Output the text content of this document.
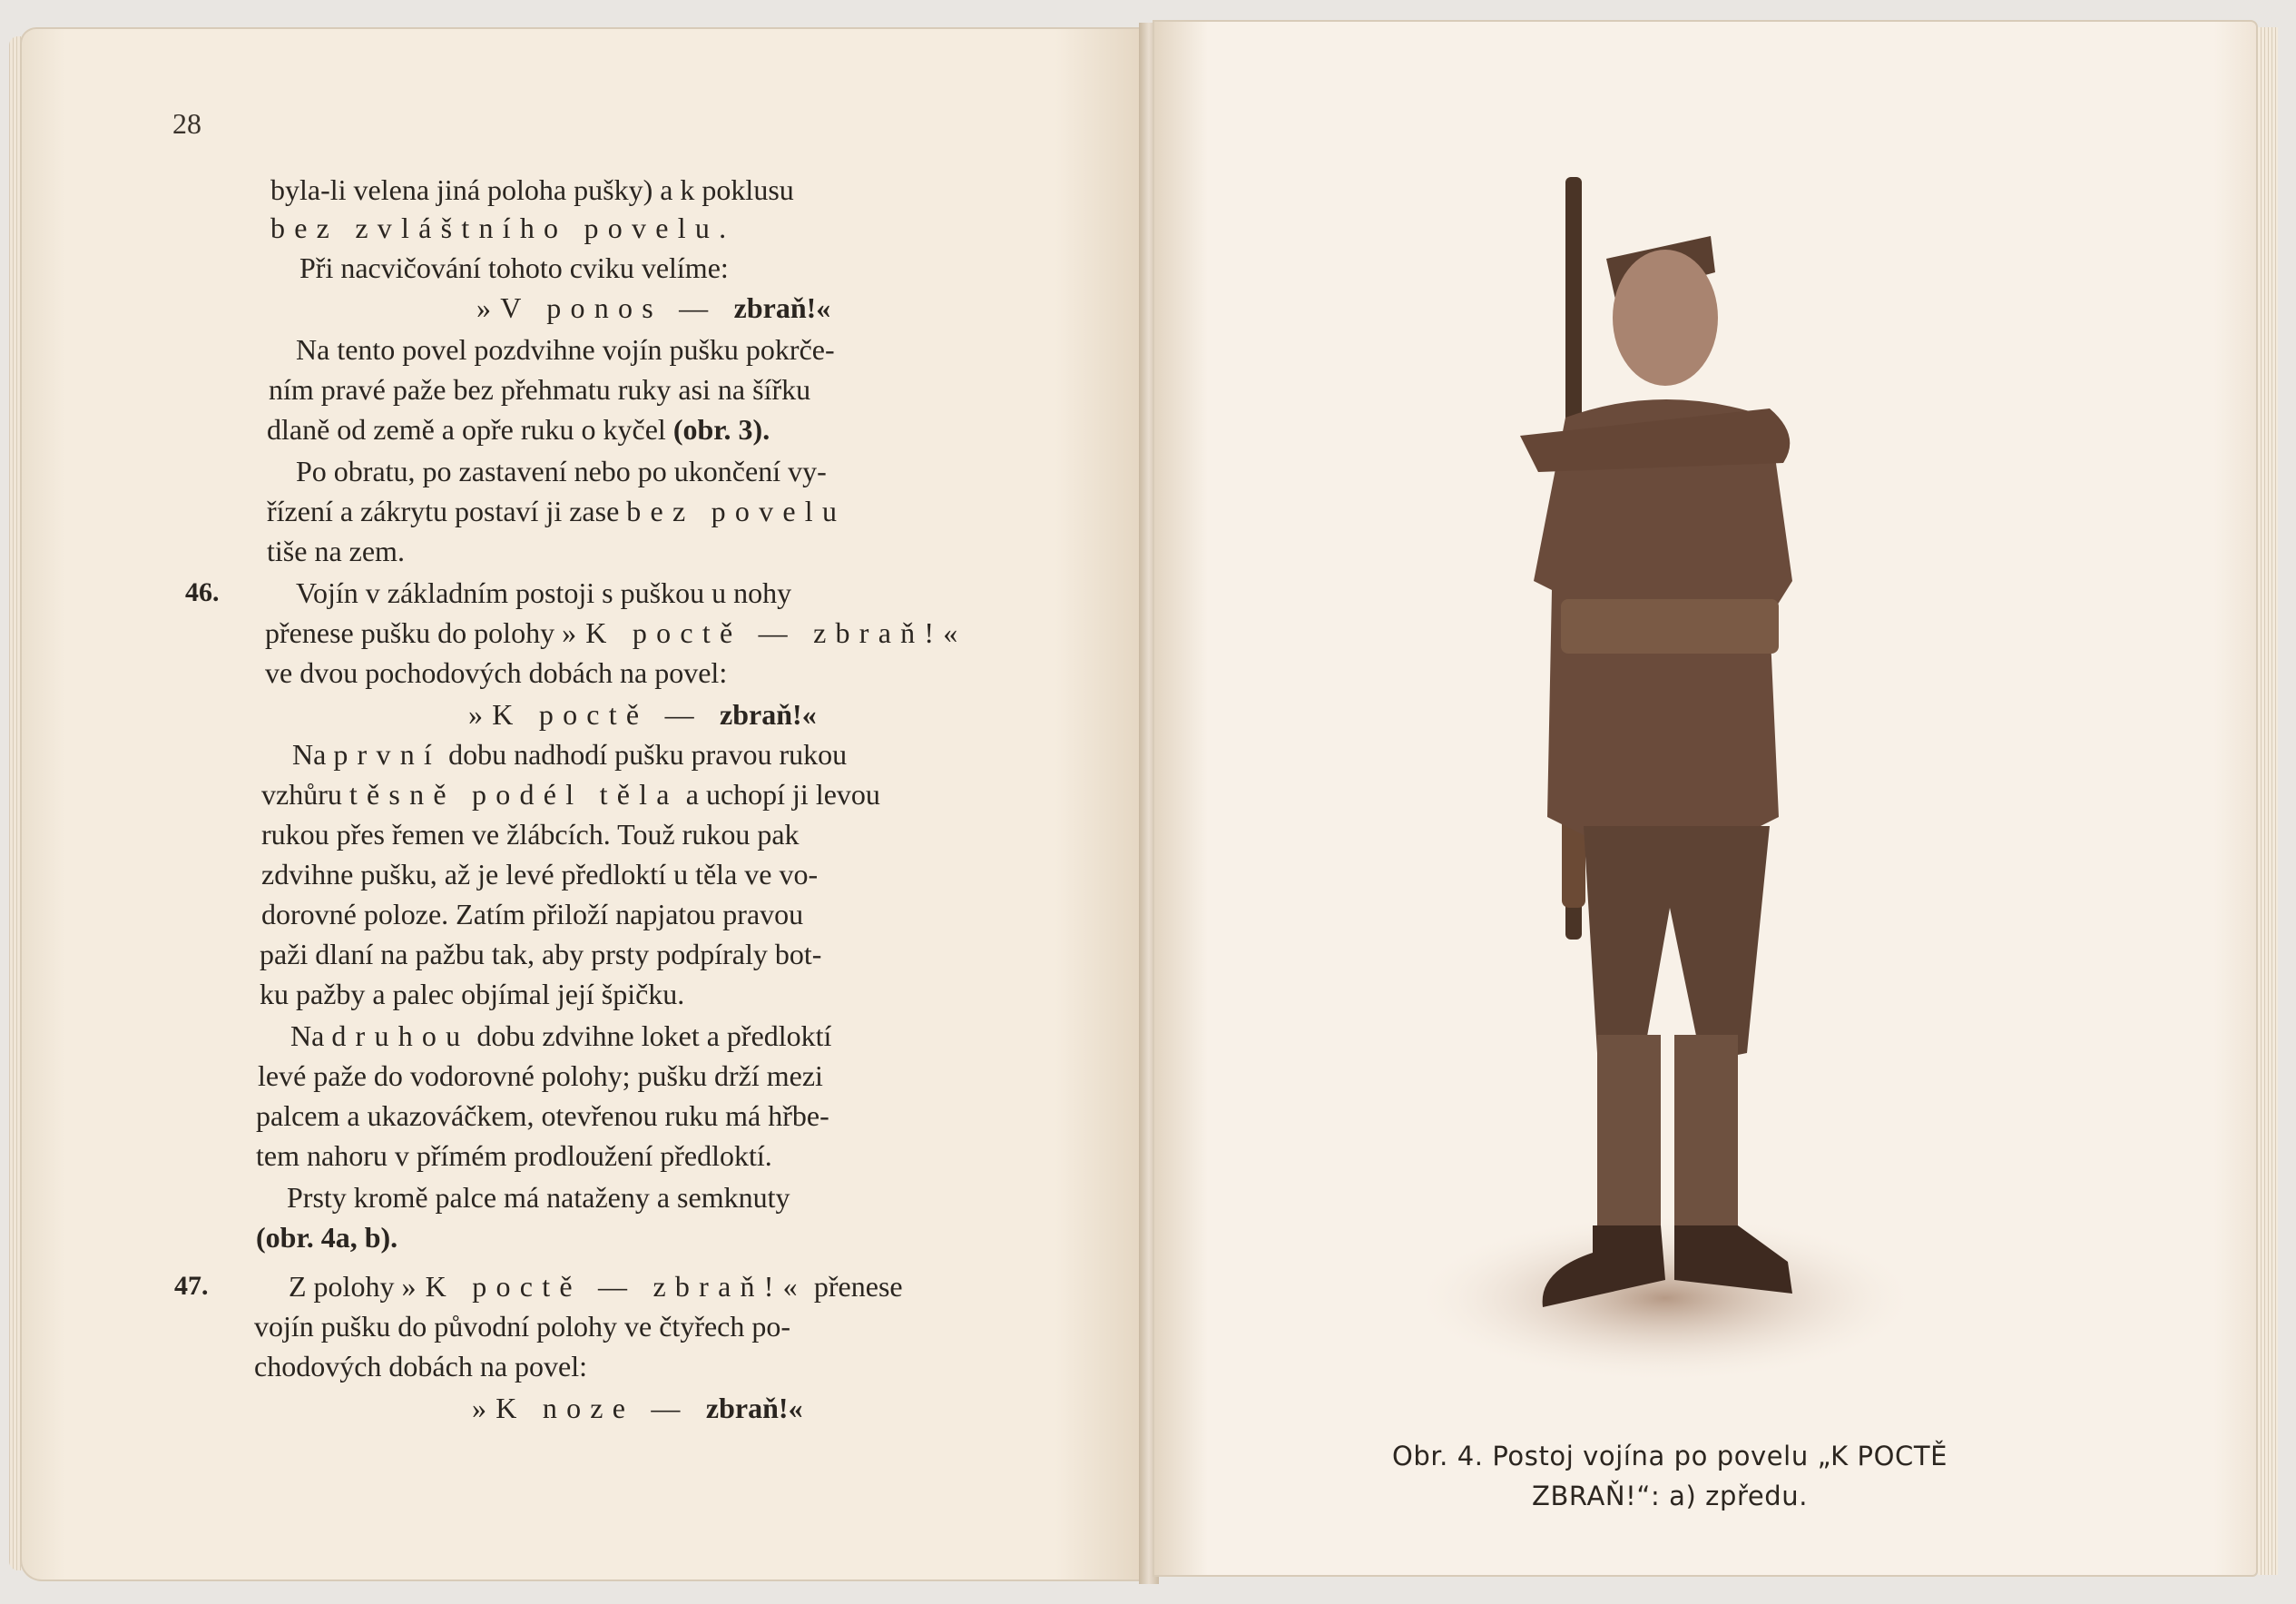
28
byla-li velena jiná poloha pušky) a k poklusu
bez zvláštního povelu.
Při nacvičování tohoto cviku velíme:
»V ponos — zbraň!«
Na tento povel pozdvihne vojín pušku pokrče-
ním pravé paže bez přehmatu ruky asi na šířku
dlaně od země a opře ruku o kyčel (obr. 3).
Po obratu, po zastavení nebo po ukončení vy-
řízení a zákrytu postaví ji zase bez povelu
tiše na zem.
46.	Vojín v základním postoji s puškou u nohy
přenese pušku do polohy »K poctě — zbraň!«
ve dvou pochodových dobách na povel:
»K poctě — zbraň!«
Na první dobu nadhodí pušku pravou rukou
vzhůru těsně podél těla a uchopí ji levou
rukou přes řemen ve žlábcích. Touž rukou pak
zdvihne pušku, až je levé předloktí u těla ve vo-
dorovné poloze. Zatím přiloží napjatou pravou
paži dlaní na pažbu tak, aby prsty podpíraly bot-
ku pažby a palec objímal její špičku.
Na druhou dobu zdvihne loket a předloktí
levé paže do vodorovné polohy; pušku drží mezi
palcem a ukazováčkem, otevřenou ruku má hřbe-
tem nahoru v přímém prodloužení předloktí.
Prsty kromě palce má nataženy a semknuty
(obr. 4a, b).
47.	Z polohy »K poctě — zbraň!« přenese
vojín pušku do původní polohy ve čtyřech po-
chodových dobách na povel:
»K noze — zbraň!«
Obr. 4. Postoj vojína po povelu „K POCTĚ
ZBRAŇ!“: a) zpředu.
